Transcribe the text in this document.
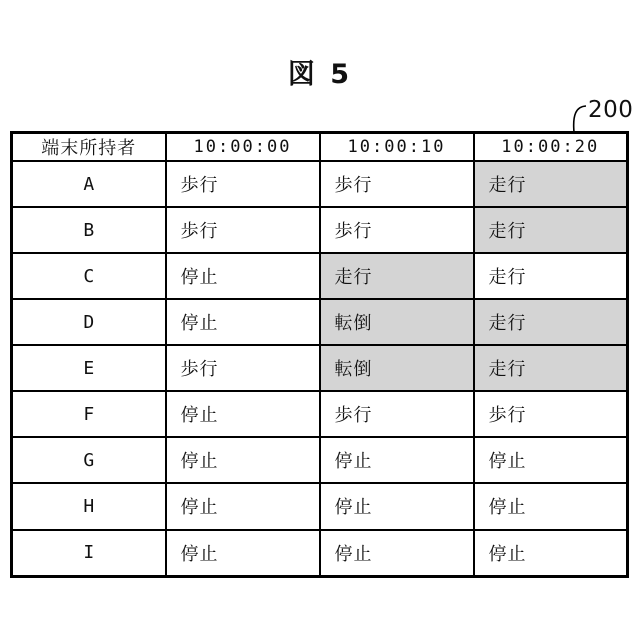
図 5
200
端末所持者	10:00:00	10:00:10	10:00:20
A	歩行	歩行	走行
B	歩行	歩行	走行
C	停止	走行	走行
D	停止	転倒	走行
E	歩行	転倒	走行
F	停止	歩行	歩行
G	停止	停止	停止
H	停止	停止	停止
I	停止	停止	停止
